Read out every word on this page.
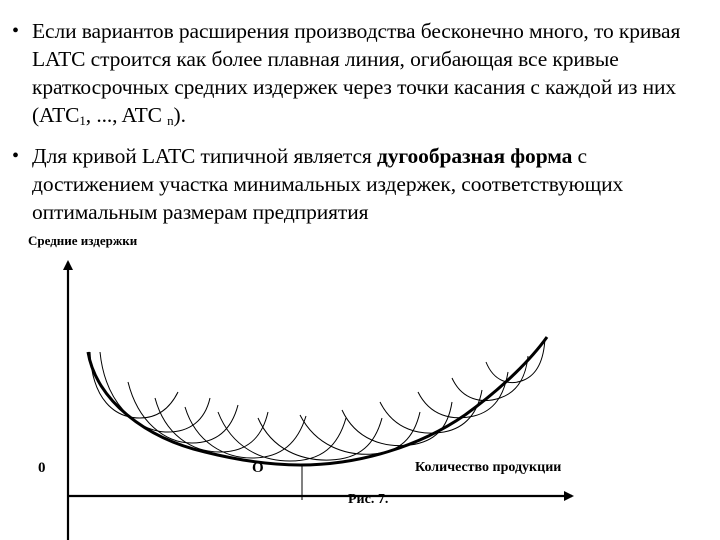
• Если вариантов расширения производства бесконечно много, то кривая LATC строится как более плавная линия, огибающая все кривые краткосрочных средних издержек через точки касания с каждой из них ($ATC_1$, ..., ATC $_n$).
• Для кривой LATC типичной является дугообразная форма с достижением участка минимальных издержек, соответствующих оптимальным размерам предприятия
Средние издержки
0	O	Количество продукции
Рис. 7.
